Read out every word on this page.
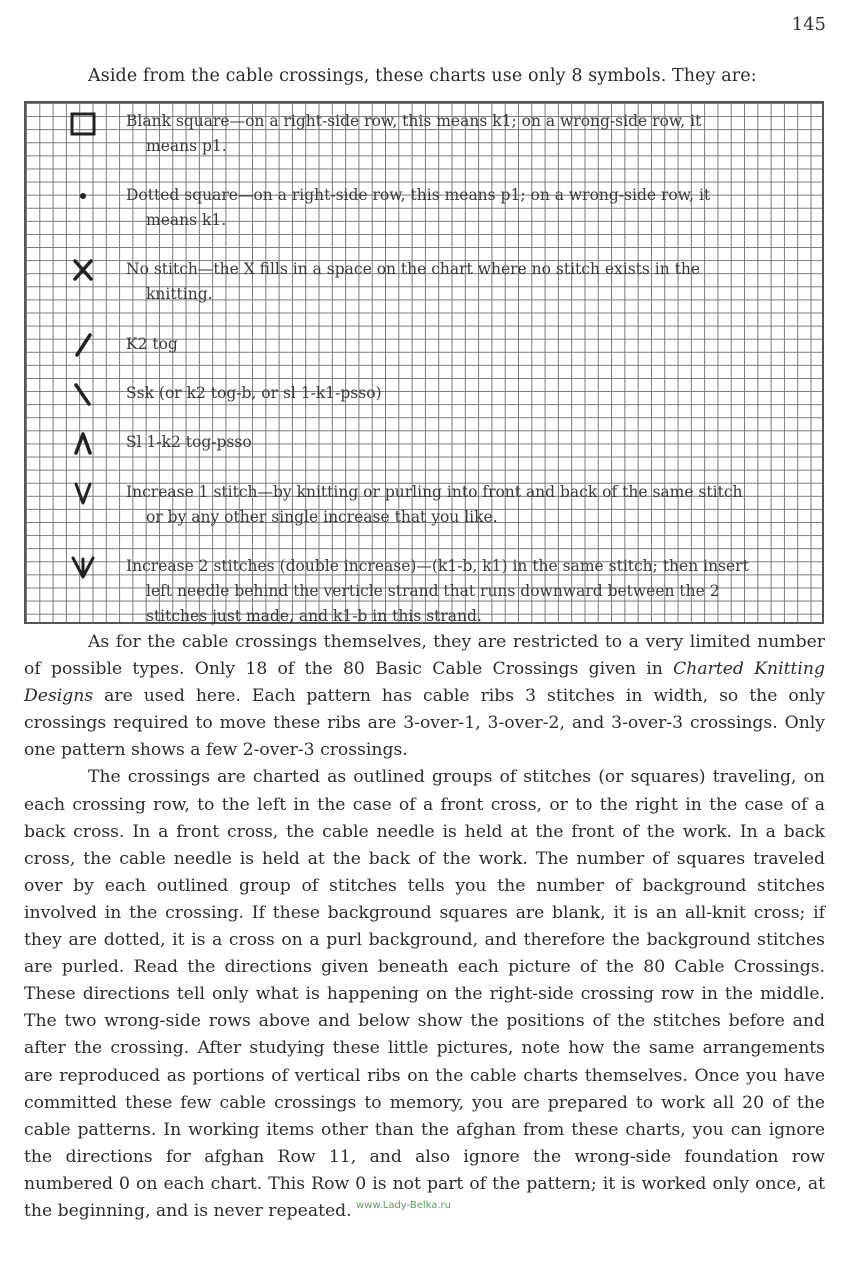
145
Aside from the cable crossings, these charts use only 8 symbols. They are:
Blank square—on a right-side row, this means k1; on a wrong-side row, it
means p1.
Dotted square—on a right-side row, this means p1; on a wrong-side row, it
means k1.
No stitch—the X fills in a space on the chart where no stitch exists in the
knitting.
K2 tog
Ssk (or k2 tog-b, or sl 1-k1-psso)
Sl 1-k2 tog-psso
Increase 1 stitch—by knitting or purling into front and back of the same stitch
or by any other single increase that you like.
Increase 2 stitches (double increase)—(k1-b, k1) in the same stitch; then insert
left needle behind the verticle strand that runs downward between the 2
stitches just made, and k1-b in this strand.

As for the cable crossings themselves, they are restricted to a very limited number of possible types. Only 18 of the 80 Basic Cable Crossings given in Charted Knitting Designs are used here. Each pattern has cable ribs 3 stitches in width, so the only crossings required to move these ribs are 3-over-1, 3-over-2, and 3-over-3 crossings. Only one pattern shows a few 2-over-3 crossings.

The crossings are charted as outlined groups of stitches (or squares) traveling, on each crossing row, to the left in the case of a front cross, or to the right in the case of a back cross. In a front cross, the cable needle is held at the front of the work. In a back cross, the cable needle is held at the back of the work. The number of squares traveled over by each outlined group of stitches tells you the number of background stitches involved in the crossing. If these background squares are blank, it is an all-knit cross; if they are dotted, it is a cross on a purl background, and therefore the background stitches are purled. Read the directions given beneath each picture of the 80 Cable Crossings. These directions tell only what is happening on the right-side crossing row in the middle. The two wrong-side rows above and below show the positions of the stitches before and after the crossing. After studying these little pictures, note how the same arrangements are reproduced as portions of vertical ribs on the cable charts themselves. Once you have committed these few cable crossings to memory, you are prepared to work all 20 of the cable patterns. In working items other than the afghan from these charts, you can ignore the directions for afghan Row 11, and also ignore the wrong-side foundation row numbered 0 on each chart. This Row 0 is not part of the pattern; it is worked only once, at the beginning, and is never repeated. www.Lady-Belka.ru
